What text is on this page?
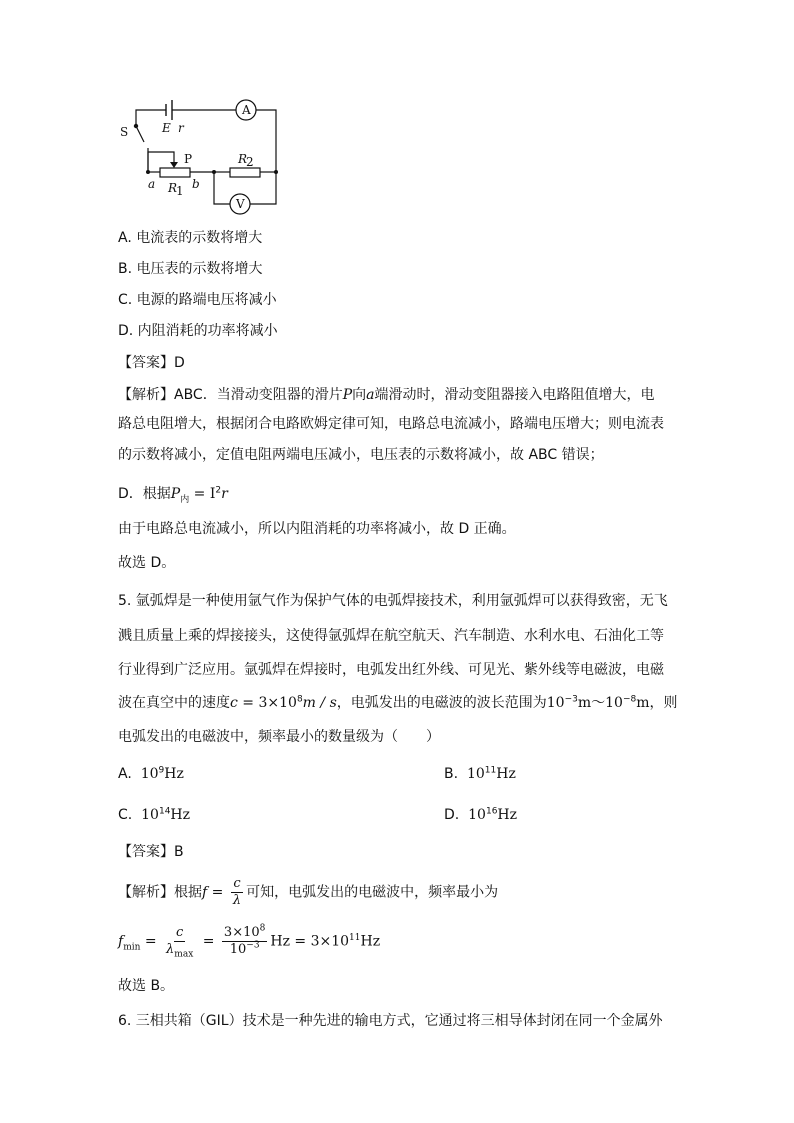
A
V
S	E r
P
a	b
R
1
R
2
A. 电流表的示数将增大
B. 电压表的示数将增大
C. 电源的路端电压将减小
D. 内阻消耗的功率将减小
【答案】D
【解析】ABC．当滑动变阻器的滑片P向a端滑动时，滑动变阻器接入电路阻值增大，电
路总电阻增大，根据闭合电路欧姆定律可知，电路总电流减小，路端电压增大；则电流表
的示数将减小，定值电阻两端电压减小，电压表的示数将减小，故 ABC 错误；
D．根据$P_内 = I^2r$
由于电路总电流减小，所以内阻消耗的功率将减小，故 D 正确。
故选 D。
5. 氩弧焊是一种使用氩气作为保护气体的电弧焊接技术，利用氩弧焊可以获得致密，无飞
溅且质量上乘的焊接接头，这使得氩弧焊在航空航天、汽车制造、水利水电、石油化工等
行业得到广泛应用。氩弧焊在焊接时，电弧发出红外线、可见光、紫外线等电磁波，电磁
波在真空中的速度$c = 3\times 10^8m / s$，电弧发出的电磁波的波长范围为$10^{-3}m\sim 10^{-8}m$，则
电弧发出的电磁波中，频率最小的数量级为（　　）
A. $10^9Hz$	B. $10^{11}Hz$
C. $10^{14}Hz$	D. $10^{16}Hz$
【答案】B
【解析】根据$f = \frac{c}{\lambda}$ 可知，电弧发出的电磁波中，频率最小为
$f_{min} = \frac{c}{\lambda_{max}} = \frac{3\times 10^8}{10^{-3}}$ $Hz = 3\times 10^{11}Hz$
故选 B。
6. 三相共箱（GIL）技术是一种先进的输电方式，它通过将三相导体封闭在同一个金属外
